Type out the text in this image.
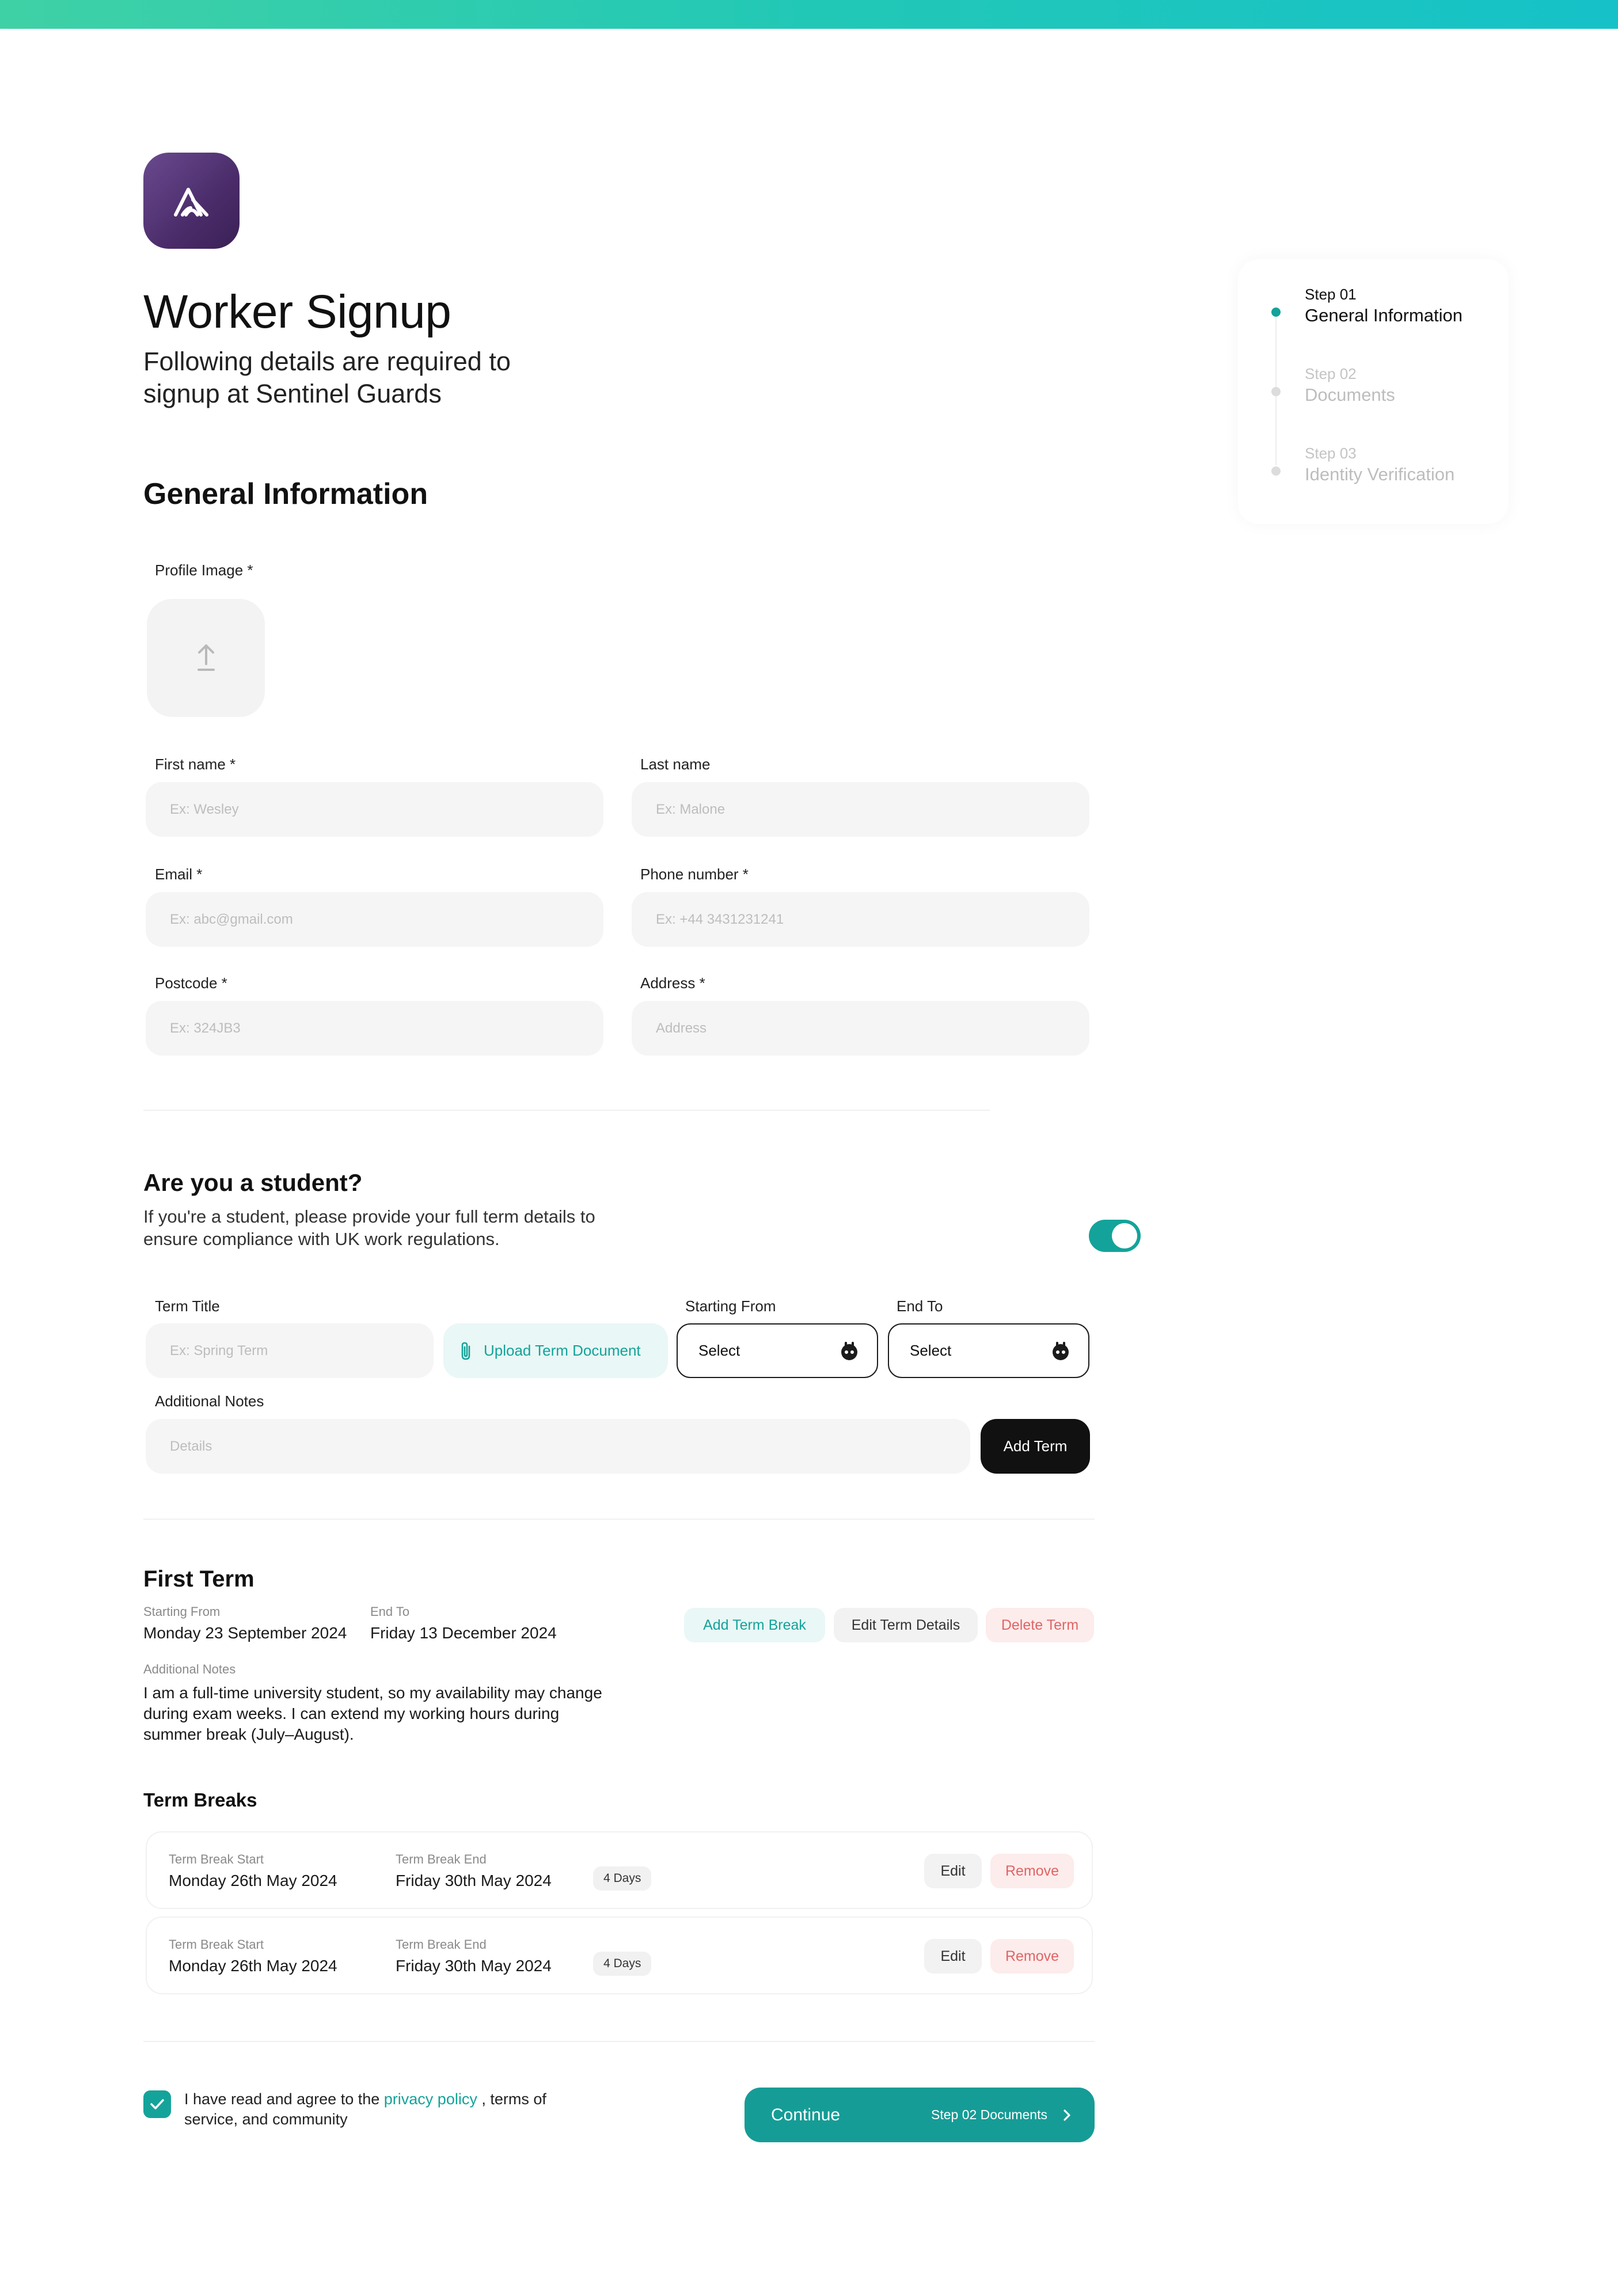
Worker Signup
Following details are required to signup at Sentinel Guards
General Information
Profile Image *
First name *
Ex: Wesley
Last name
Ex: Malone
Email *
Ex: abc@gmail.com
Phone number *
Ex: +44 3431231241
Postcode *
Ex: 324JB3
Address *
Address
Are you a student?
If you're a student, please provide your full term details to ensure compliance with UK work regulations.
Term Title
Ex: Spring Term	Upload Term Document
Starting From
Select
End To
Select
Additional Notes
Details	Add Term
First Term
Starting From
Monday 23 September 2024
End To
Friday 13 December 2024	Add Term Break	Edit Term Details	Delete Term
Additional Notes
I am a full-time university student, so my availability may change during exam weeks. I can extend my working hours during summer break (July–August).
Term Breaks
Term Break Start
Monday 26th May 2024
Term Break End
Friday 30th May 2024	4 Days	Edit	Remove
Term Break Start
Monday 26th May 2024
Term Break End
Friday 30th May 2024	4 Days	Edit	Remove
I have read and agree to the privacy policy , terms of service, and community	Continue	Step 02 Documents
Step 01
General Information
Step 02
Documents
Step 03
Identity Verification
